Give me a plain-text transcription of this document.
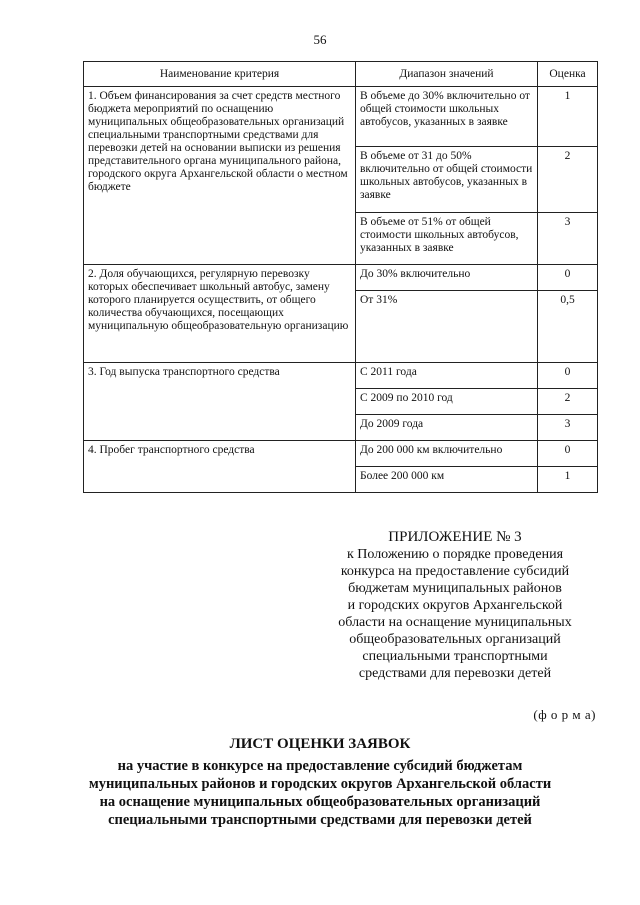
56
Наименование критерия	Диапазон значений	Оценка
1. Объем финансирования за счет средств местного бюджета мероприятий по оснащению муниципальных общеобразовательных организаций специальными транспортными средствами для перевозки детей на основании выписки из решения представительного органа муниципального района, городского округа Архангельской области о местном бюджете	В объеме до 30% включительно от общей стоимости школьных автобусов, указанных в заявке	1
	В объеме от 31 до 50% включительно от общей стоимости школьных автобусов, указанных в заявке	2
	В объеме от 51% от общей стоимости школьных автобусов, указанных в заявке	3
2. Доля обучающихся, регулярную перевозку которых обеспечивает школьный автобус, замену которого планируется осуществить, от общего количества обучающихся, посещающих муниципальную общеобразовательную организацию	До 30% включительно	0
	От 31%	0,5
3. Год выпуска транспортного средства	С 2011 года	0
	С 2009 по 2010 год	2
	До 2009 года	3
4. Пробег транспортного средства	До 200 000 км включительно	0
	Более 200 000 км	1
ПРИЛОЖЕНИЕ № 3
к Положению о порядке проведения
конкурса на предоставление субсидий
бюджетам муниципальных районов
и городских округов Архангельской
области на оснащение муниципальных
общеобразовательных организаций
специальными транспортными
средствами для перевозки детей
(ф о р м а)
ЛИСТ ОЦЕНКИ ЗАЯВОК
на участие в конкурсе на предоставление субсидий бюджетам
муниципальных районов и городских округов Архангельской области
на оснащение муниципальных общеобразовательных организаций
специальными транспортными средствами для перевозки детей
